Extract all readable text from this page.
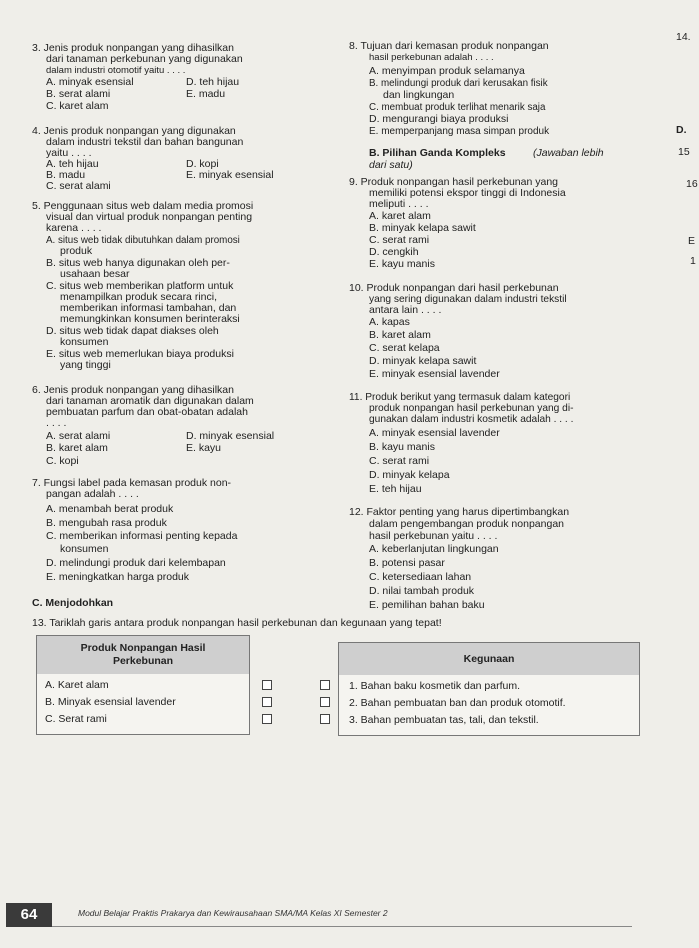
3. Jenis produk nonpangan yang dihasilkan
dari tanaman perkebunan yang digunakan
dalam industri otomotif yaitu . . . .
A. minyak esensial	D. teh hijau
B. serat alami	E. madu
C. karet alam
4. Jenis produk nonpangan yang digunakan
dalam industri tekstil dan bahan bangunan
yaitu . . . .
A. teh hijau	D. kopi
B. madu	E. minyak esensial
C. serat alami
5. Penggunaan situs web dalam media promosi
visual dan virtual produk nonpangan penting
karena . . . .
A. situs web tidak dibutuhkan dalam promosi
produk
B. situs web hanya digunakan oleh per-
usahaan besar
C. situs web memberikan platform untuk
menampilkan produk secara rinci,
memberikan informasi tambahan, dan
memungkinkan konsumen berinteraksi
D. situs web tidak dapat diakses oleh
konsumen
E. situs web memerlukan biaya produksi
yang tinggi
6. Jenis produk nonpangan yang dihasilkan
dari tanaman aromatik dan digunakan dalam
pembuatan parfum dan obat-obatan adalah
. . . .
A. serat alami	D. minyak esensial
B. karet alam	E. kayu
C. kopi
7. Fungsi label pada kemasan produk non-
pangan adalah . . . .
A. menambah berat produk
B. mengubah rasa produk
C. memberikan informasi penting kepada
konsumen
D. melindungi produk dari kelembapan
E. meningkatkan harga produk
8. Tujuan dari kemasan produk nonpangan
hasil perkebunan adalah . . . .
A. menyimpan produk selamanya
B. melindungi produk dari kerusakan fisik
dan lingkungan
C. membuat produk terlihat menarik saja
D. mengurangi biaya produksi
E. memperpanjang masa simpan produk
B. Pilihan Ganda Kompleks	(Jawaban lebih
dari satu)
9. Produk nonpangan hasil perkebunan yang
memiliki potensi ekspor tinggi di Indonesia
meliputi . . . .
A. karet alam
B. minyak kelapa sawit
C. serat rami
D. cengkih
E. kayu manis
10. Produk nonpangan dari hasil perkebunan
yang sering digunakan dalam industri tekstil
antara lain . . . .
A. kapas
B. karet alam
C. serat kelapa
D. minyak kelapa sawit
E. minyak esensial lavender
11. Produk berikut yang termasuk dalam kategori
produk nonpangan hasil perkebunan yang di-
gunakan dalam industri kosmetik adalah . . . .
A. minyak esensial lavender
B. kayu manis
C. serat rami
D. minyak kelapa
E. teh hijau
12. Faktor penting yang harus dipertimbangkan
dalam pengembangan produk nonpangan
hasil perkebunan yaitu . . . .
A. keberlanjutan lingkungan
B. potensi pasar
C. ketersediaan lahan
D. nilai tambah produk
E. pemilihan bahan baku
C. Menjodohkan
13. Tariklah garis antara produk nonpangan hasil perkebunan dan kegunaan yang tepat!
Produk Nonpangan Hasil
Perkebunan
A. Karet alam
B. Minyak esensial lavender
C. Serat rami
Kegunaan
1. Bahan baku kosmetik dan parfum.
2. Bahan pembuatan ban dan produk otomotif.
3. Bahan pembuatan tas, tali, dan tekstil.
14.
D.
15
16
E
1
64	Modul Belajar Praktis Prakarya dan Kewirausahaan SMA/MA Kelas XI Semester 2
